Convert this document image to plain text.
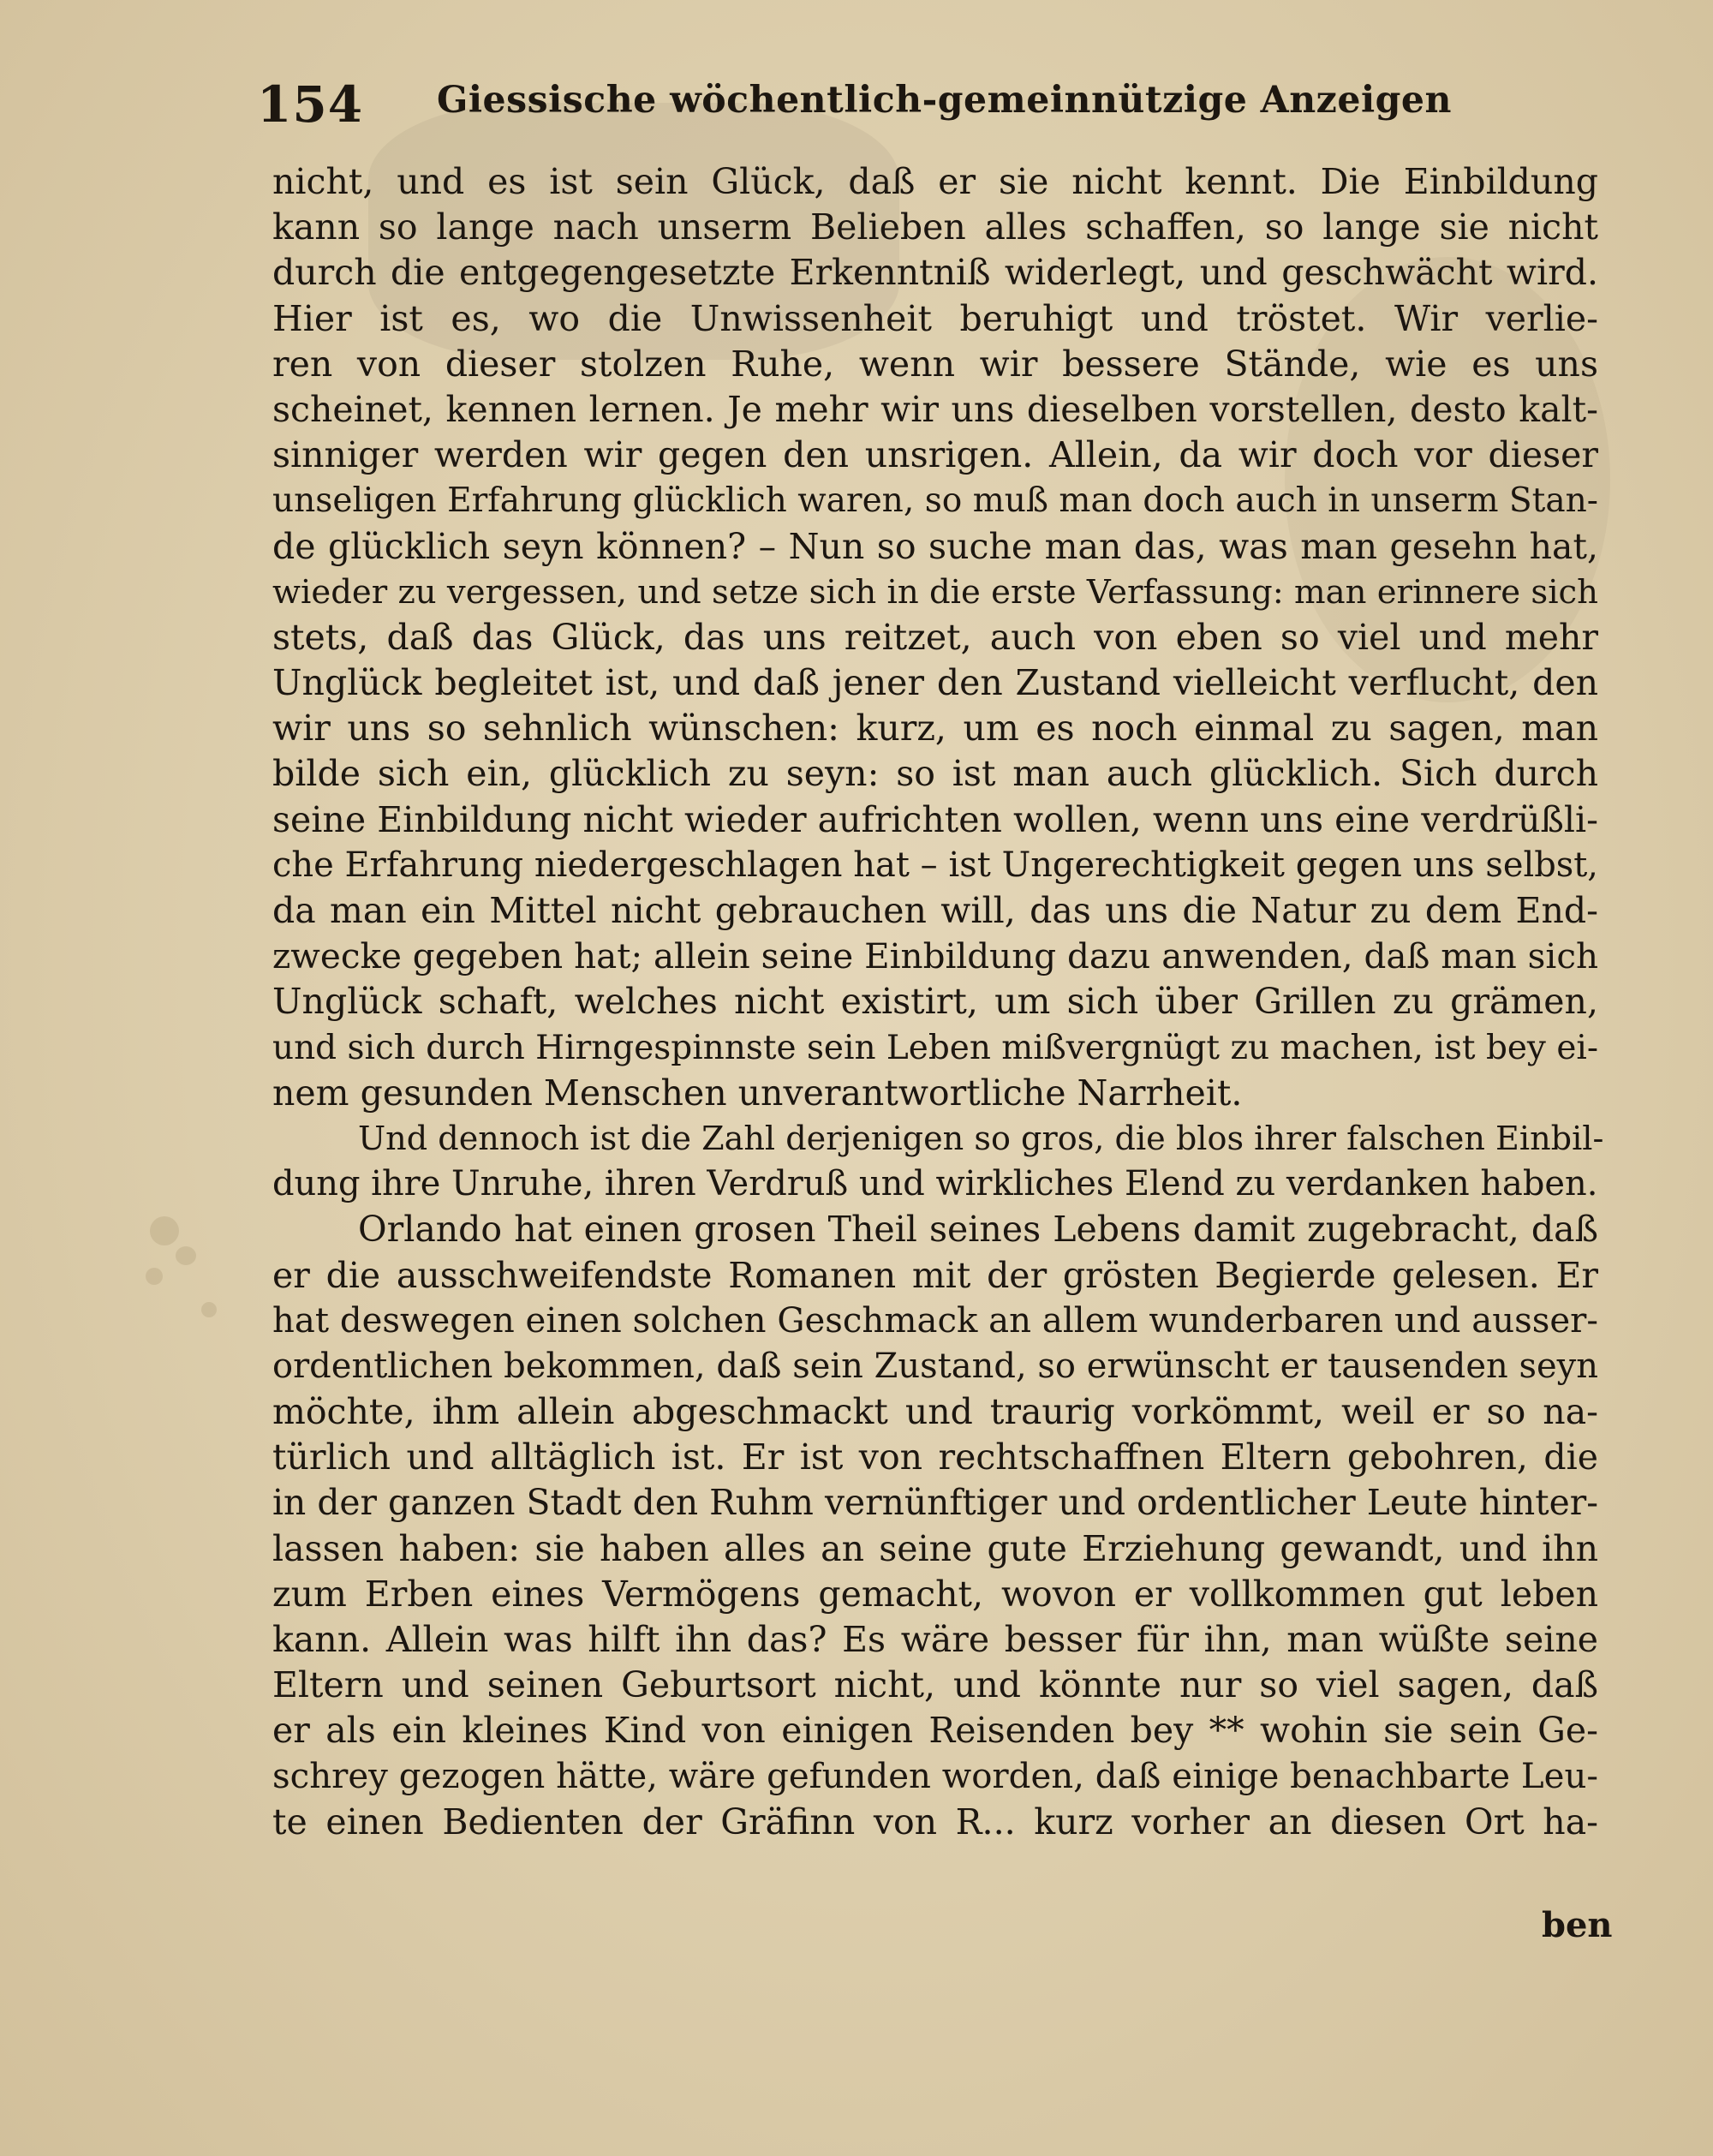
154 Giessische wöchentlich-gemeinnützige Anzeigen
nicht, und es ist sein Glück, daß er sie nicht kennt. Die Einbildung
kann so lange nach unserm Belieben alles schaffen, so lange sie nicht
durch die entgegengesetzte Erkenntniß widerlegt, und geschwächt wird.
Hier ist es, wo die Unwissenheit beruhigt und tröstet. Wir verlie-
ren von dieser stolzen Ruhe, wenn wir bessere Stände, wie es uns
scheinet, kennen lernen. Je mehr wir uns dieselben vorstellen, desto kalt-
sinniger werden wir gegen den unsrigen. Allein, da wir doch vor dieser
unseligen Erfahrung glücklich waren, so muß man doch auch in unserm Stan-
de glücklich seyn können? – Nun so suche man das, was man gesehn hat,
wieder zu vergessen, und setze sich in die erste Verfassung: man erinnere sich
stets, daß das Glück, das uns reitzet, auch von eben so viel und mehr
Unglück begleitet ist, und daß jener den Zustand vielleicht verflucht, den
wir uns so sehnlich wünschen: kurz, um es noch einmal zu sagen, man
bilde sich ein, glücklich zu seyn: so ist man auch glücklich. Sich durch
seine Einbildung nicht wieder aufrichten wollen, wenn uns eine verdrüßli-
che Erfahrung niedergeschlagen hat – ist Ungerechtigkeit gegen uns selbst,
da man ein Mittel nicht gebrauchen will, das uns die Natur zu dem End-
zwecke gegeben hat; allein seine Einbildung dazu anwenden, daß man sich
Unglück schaft, welches nicht existirt, um sich über Grillen zu grämen,
und sich durch Hirngespinnste sein Leben mißvergnügt zu machen, ist bey ei-
nem gesunden Menschen unverantwortliche Narrheit.
Und dennoch ist die Zahl derjenigen so gros, die blos ihrer falschen Einbil-
dung ihre Unruhe, ihren Verdruß und wirkliches Elend zu verdanken haben.
Orlando hat einen grosen Theil seines Lebens damit zugebracht, daß
er die ausschweifendste Romanen mit der grösten Begierde gelesen. Er
hat deswegen einen solchen Geschmack an allem wunderbaren und ausser-
ordentlichen bekommen, daß sein Zustand, so erwünscht er tausenden seyn
möchte, ihm allein abgeschmackt und traurig vorkömmt, weil er so na-
türlich und alltäglich ist. Er ist von rechtschaffnen Eltern gebohren, die
in der ganzen Stadt den Ruhm vernünftiger und ordentlicher Leute hinter-
lassen haben: sie haben alles an seine gute Erziehung gewandt, und ihn
zum Erben eines Vermögens gemacht, wovon er vollkommen gut leben
kann. Allein was hilft ihn das? Es wäre besser für ihn, man wüßte seine
Eltern und seinen Geburtsort nicht, und könnte nur so viel sagen, daß
er als ein kleines Kind von einigen Reisenden bey ** wohin sie sein Ge-
schrey gezogen hätte, wäre gefunden worden, daß einige benachbarte Leu-
te einen Bedienten der Gräfinn von R... kurz vorher an diesen Ort ha-
ben
